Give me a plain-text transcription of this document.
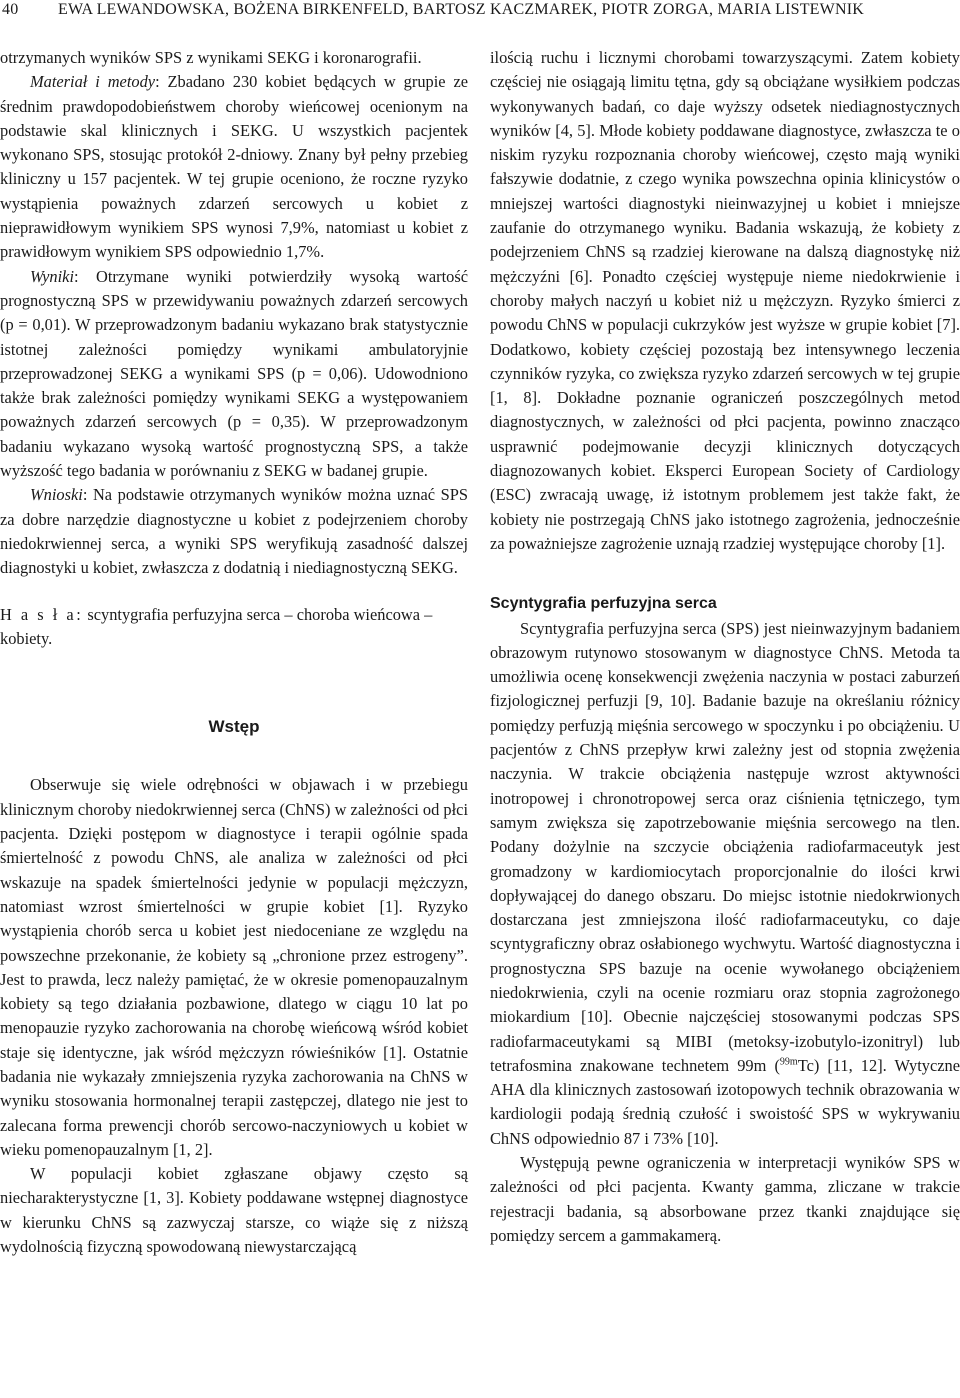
40 EWA LEWANDOWSKA, BOŻENA BIRKENFELD, BARTOSZ KACZMAREK, PIOTR ZORGA, MARIA LISTEWNIK

otrzymanych wyników SPS z wynikami SEKG i koronarografii.

Materiał i metody: Zbadano 230 kobiet będących w grupie ze średnim prawdopodobieństwem choroby wieńcowej ocenionym na podstawie skal klinicznych i SEKG. U wszystkich pacjentek wykonano SPS, stosując protokół 2-dniowy. Znany był pełny przebieg kliniczny u 157 pacjentek. W tej grupie oceniono, że roczne ryzyko wystąpienia poważnych zdarzeń sercowych u kobiet z nieprawidłowym wynikiem SPS wynosi 7,9%, natomiast u kobiet z prawidłowym wynikiem SPS odpowiednio 1,7%.

Wyniki: Otrzymane wyniki potwierdziły wysoką wartość prognostyczną SPS w przewidywaniu poważnych zdarzeń sercowych (p = 0,01). W przeprowadzonym badaniu wykazano brak statystycznie istotnej zależności pomiędzy wynikami ambulatoryjnie przeprowadzonej SEKG a wynikami SPS (p = 0,06). Udowodniono także brak zależności pomiędzy wynikami SEKG a występowaniem poważnych zdarzeń sercowych (p = 0,35). W przeprowadzonym badaniu wykazano wysoką wartość prognostyczną SPS, a także wyższość tego badania w porównaniu z SEKG w badanej grupie.

Wnioski: Na podstawie otrzymanych wyników można uznać SPS za dobre narzędzie diagnostyczne u kobiet z podejrzeniem choroby niedokrwiennej serca, a wyniki SPS weryfikują zasadność dalszej diagnostyki u kobiet, zwłaszcza z dodatnią i niediagnostyczną SEKG.

H a s ł a: scyntygrafia perfuzyjna serca – choroba wieńcowa – kobiety.

Wstęp

Obserwuje się wiele odrębności w objawach i w przebiegu klinicznym choroby niedokrwiennej serca (ChNS) w zależności od płci pacjenta. Dzięki postępom w diagnostyce i terapii ogólnie spada śmiertelność z powodu ChNS, ale analiza w zależności od płci wskazuje na spadek śmiertelności jedynie w populacji mężczyzn, natomiast wzrost śmiertelności w grupie kobiet [1]. Ryzyko wystąpienia chorób serca u kobiet jest niedoceniane ze względu na powszechne przekonanie, że kobiety są „chronione przez estrogeny”. Jest to prawda, lecz należy pamiętać, że w okresie pomenopauzalnym kobiety są tego działania pozbawione, dlatego w ciągu 10 lat po menopauzie ryzyko zachorowania na chorobę wieńcową wśród kobiet staje się identyczne, jak wśród mężczyzn rówieśników [1]. Ostatnie badania nie wykazały zmniejszenia ryzyka zachorowania na ChNS w wyniku stosowania hormonalnej terapii zastępczej, dlatego nie jest to zalecana forma prewencji chorób sercowo-naczyniowych u kobiet w wieku pomenopauzalnym [1, 2].

W populacji kobiet zgłaszane objawy często są niecharakterystyczne [1, 3]. Kobiety poddawane wstępnej diagnostyce w kierunku ChNS są zazwyczaj starsze, co wiąże się z niższą wydolnością fizyczną spowodowaną niewystarczającą

ilością ruchu i licznymi chorobami towarzyszącymi. Zatem kobiety częściej nie osiągają limitu tętna, gdy są obciążane wysiłkiem podczas wykonywanych badań, co daje wyższy odsetek niediagnostycznych wyników [4, 5]. Młode kobiety poddawane diagnostyce, zwłaszcza te o niskim ryzyku rozpoznania choroby wieńcowej, często mają wyniki fałszywie dodatnie, z czego wynika powszechna opinia klinicystów o mniejszej wartości diagnostyki nieinwazyjnej u kobiet i mniejsze zaufanie do otrzymanego wyniku. Badania wskazują, że kobiety z podejrzeniem ChNS są rzadziej kierowane na dalszą diagnostykę niż mężczyźni [6]. Ponadto częściej występuje nieme niedokrwienie i choroby małych naczyń u kobiet niż u mężczyzn. Ryzyko śmierci z powodu ChNS w populacji cukrzyków jest wyższe w grupie kobiet [7]. Dodatkowo, kobiety częściej pozostają bez intensywnego leczenia czynników ryzyka, co zwiększa ryzyko zdarzeń sercowych w tej grupie [1, 8]. Dokładne poznanie ograniczeń poszczególnych metod diagnostycznych, w zależności od płci pacjenta, powinno znacząco usprawnić podejmowanie decyzji klinicznych dotyczących diagnozowanych kobiet. Eksperci European Society of Cardiology (ESC) zwracają uwagę, iż istotnym problemem jest także fakt, że kobiety nie postrzegają ChNS jako istotnego zagrożenia, jednocześnie za poważniejsze zagrożenie uznają rzadziej występujące choroby [1].

Scyntygrafia perfuzyjna serca

Scyntygrafia perfuzyjna serca (SPS) jest nieinwazyjnym badaniem obrazowym rutynowo stosowanym w diagnostyce ChNS. Metoda ta umożliwia ocenę konsekwencji zwężenia naczynia w postaci zaburzeń fizjologicznej perfuzji [9, 10]. Badanie bazuje na określaniu różnicy pomiędzy perfuzją mięśnia sercowego w spoczynku i po obciążeniu. U pacjentów z ChNS przepływ krwi zależny jest od stopnia zwężenia naczynia. W trakcie obciążenia następuje wzrost aktywności inotropowej i chronotropowej serca oraz ciśnienia tętniczego, tym samym zwiększa się zapotrzebowanie mięśnia sercowego na tlen. Podany dożylnie na szczycie obciążenia radiofarmaceutyk jest gromadzony w kardiomiocytach proporcjonalnie do ilości krwi dopływającej do danego obszaru. Do miejsc istotnie niedokrwionych dostarczana jest zmniejszona ilość radiofarmaceutyku, co daje scyntygraficzny obraz osłabionego wychwytu. Wartość diagnostyczna i prognostyczna SPS bazuje na ocenie wywołanego obciążeniem niedokrwienia, czyli na ocenie rozmiaru oraz stopnia zagrożonego miokardium [10]. Obecnie najczęściej stosowanymi podczas SPS radiofarmaceutykami są MIBI (metoksy-izobutylo-izonitryl) lub tetrafosmina znakowane technetem 99m ($^{99m}$Tc) [11, 12]. Wytyczne AHA dla klinicznych zastosowań izotopowych technik obrazowania w kardiologii podają średnią czułość i swoistość SPS w wykrywaniu ChNS odpowiednio 87 i 73% [10].

Występują pewne ograniczenia w interpretacji wyników SPS w zależności od płci pacjenta. Kwanty gamma, zliczane w trakcie rejestracji badania, są absorbowane przez tkanki znajdujące się pomiędzy sercem a gammakamerą.
